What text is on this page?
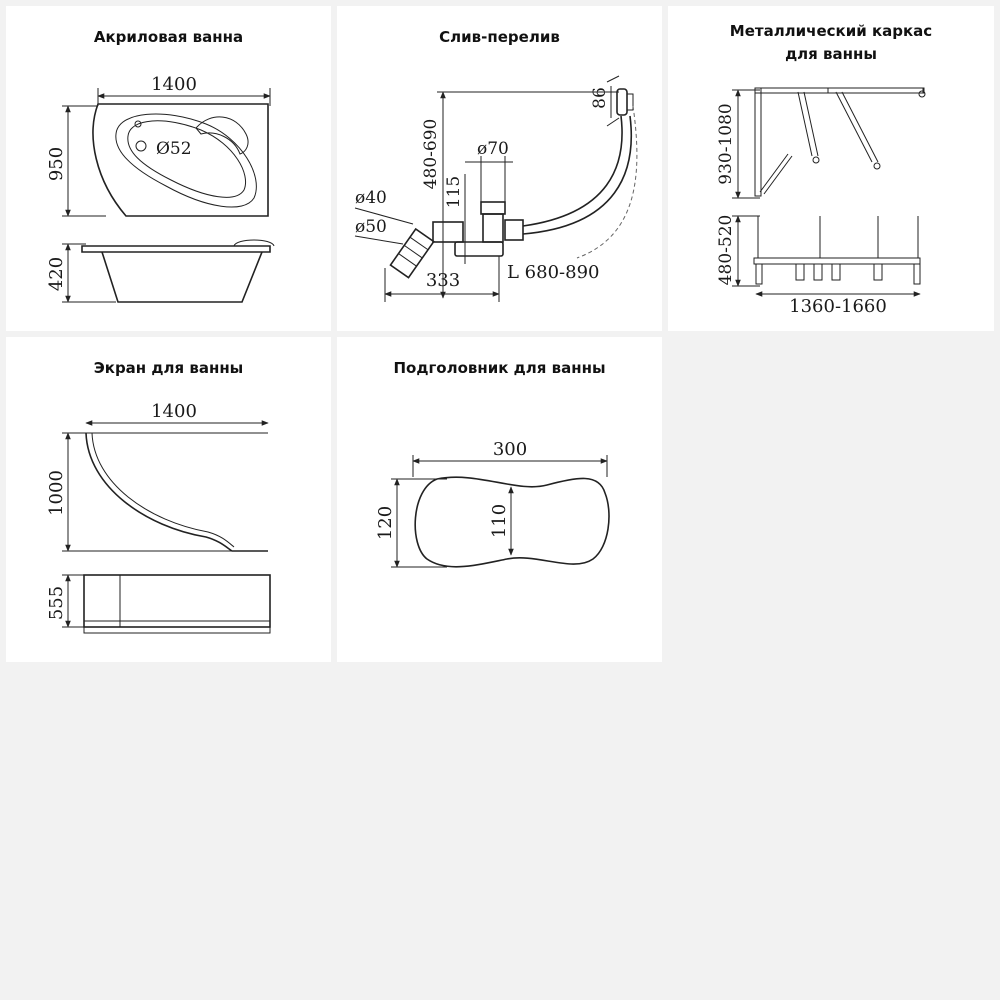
Акриловая ванна
1400
950	Ø52
420
Слив-перелив
86
480-690 ø70
115
ø40
ø50
333	L 680-890
Металлический каркас
для ванны
930-1080
480-520
1360-1660
Экран для ванны
1400
1000
555
Подголовник для ванны
300
120	110
